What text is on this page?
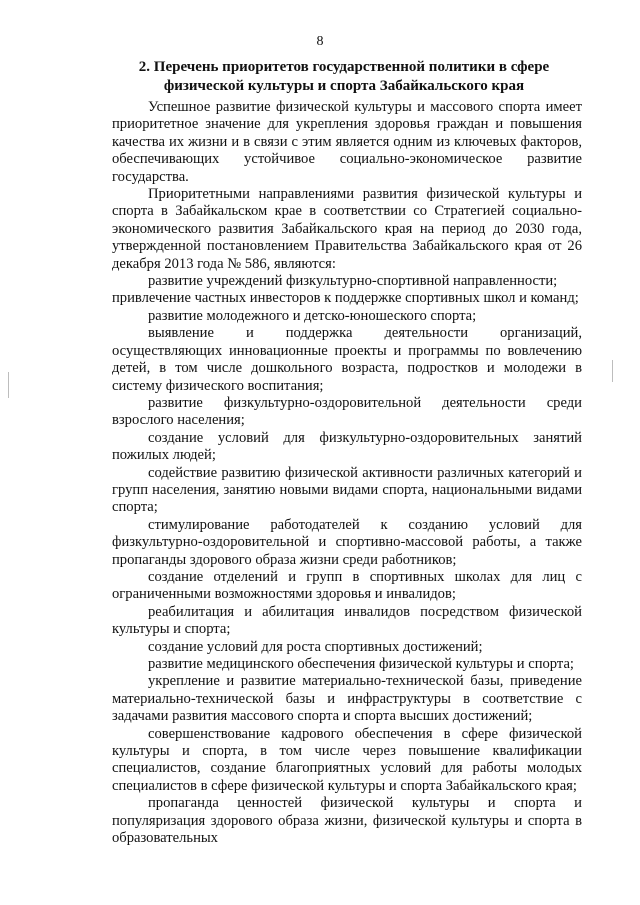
8
2. Перечень приоритетов государственной политики в сфере
физической культуры и спорта Забайкальского края

Успешное развитие физической культуры и массового спорта имеет приоритетное значение для укрепления здоровья граждан и повышения качества их жизни и в связи с этим является одним из ключевых факторов, обеспечивающих устойчивое социально-экономическое развитие государства.

Приоритетными направлениями развития физической культуры и спорта в Забайкальском крае в соответствии со Стратегией социально-экономического развития Забайкальского края на период до 2030 года, утвержденной постановлением Правительства Забайкальского края от 26 декабря 2013 года № 586, являются:

развитие учреждений физкультурно-спортивной направленности;

привлечение частных инвесторов к поддержке спортивных школ и команд;

развитие молодежного и детско-юношеского спорта;

выявление и поддержка деятельности организаций, осуществляющих инновационные проекты и программы по вовлечению детей, в том числе дошкольного возраста, подростков и молодежи в систему физического воспитания;

развитие физкультурно-оздоровительной деятельности среди взрослого населения;

создание условий для физкультурно-оздоровительных занятий пожилых людей;

содействие развитию физической активности различных категорий и групп населения, занятию новыми видами спорта, национальными видами спорта;

стимулирование работодателей к созданию условий для физкультурно-оздоровительной и спортивно-массовой работы, а также пропаганды здорового образа жизни среди работников;

создание отделений и групп в спортивных школах для лиц с ограниченными возможностями здоровья и инвалидов;

реабилитация и абилитация инвалидов посредством физической культуры и спорта;

создание условий для роста спортивных достижений;

развитие медицинского обеспечения физической культуры и спорта;

укрепление и развитие материально-технической базы, приведение материально-технической базы и инфраструктуры в соответствие с задачами развития массового спорта и спорта высших достижений;

совершенствование кадрового обеспечения в сфере физической культуры и спорта, в том числе через повышение квалификации специалистов, создание благоприятных условий для работы молодых специалистов в сфере физической культуры и спорта Забайкальского края;

пропаганда ценностей физической культуры и спорта и популяризация здорового образа жизни, физической культуры и спорта в образовательных
